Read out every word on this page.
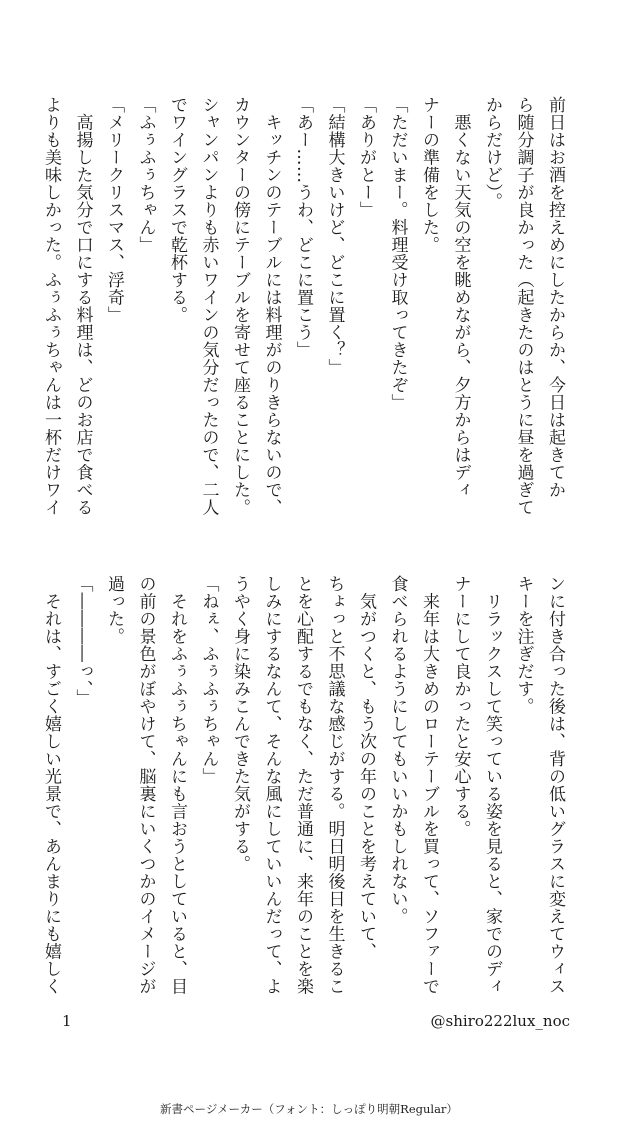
前日はお酒を控えめにしたからか、今日は起きてか
ら随分調子が良かった（起きたのはとうに昼を過ぎて
からだけど）。
　悪くない天気の空を眺めながら、夕方からはディ
ナーの準備をした。
「ただいまー。料理受け取ってきたぞ」
「ありがとー」
「結構大きいけど、どこに置く？」
「あー……うわ、どこに置こう」
　キッチンのテーブルには料理がのりきらないので、
カウンターの傍にテーブルを寄せて座ることにした。
シャンパンよりも赤いワインの気分だったので、二人
でワイングラスで乾杯する。
「ふぅふぅちゃん」
「メリークリスマス、浮奇」
　高揚した気分で口にする料理は、どのお店で食べる
よりも美味しかった。ふぅふぅちゃんは一杯だけワイ
ンに付き合った後は、背の低いグラスに変えてウィス
キーを注ぎだす。
　リラックスして笑っている姿を見ると、家でのディ
ナーにして良かったと安心する。
　来年は大きめのローテーブルを買って、ソファーで
食べられるようにしてもいいかもしれない。
　気がつくと、もう次の年のことを考えていて、
ちょっと不思議な感じがする。明日明後日を生きるこ
とを心配するでもなく、ただ普通に、来年のことを楽
しみにするなんて、そんな風にしていいんだって、よ
うやく身に染みこんできた気がする。
「ねぇ、ふぅふぅちゃん」
　それをふぅふぅちゃんにも言おうとしていると、目
の前の景色がぼやけて、脳裏にいくつかのイメージが
過った。
「――――っ、」
　それは、すごく嬉しい光景で、あんまりにも嬉しく
1	@shiro222lux_noc
新書ページメーカー（フォント：しっぽり明朝Regular）
